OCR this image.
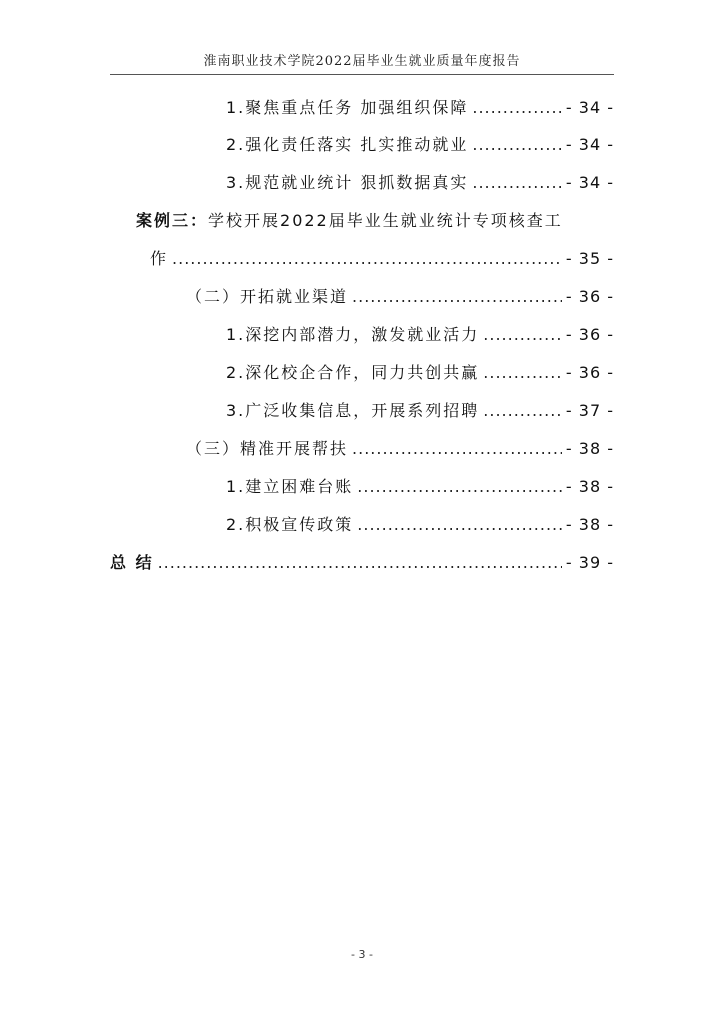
淮南职业技术学院2022届毕业生就业质量年度报告
1.聚焦重点任务 加强组织保障 .....	- 34 -
2.强化责任落实 扎实推动就业 .....	- 34 -
3.规范就业统计 狠抓数据真实 .....	- 34 -
案例三：学校开展2022届毕业生就业统计专项核查工
作 .....	- 35 -
（二）开拓就业渠道 .....	- 36 -
1.深挖内部潜力，激发就业活力 .....	- 36 -
2.深化校企合作，同力共创共赢 .....	- 36 -
3.广泛收集信息，开展系列招聘 .....	- 37 -
（三）精准开展帮扶 .....	- 38 -
1.建立困难台账 .....	- 38 -
2.积极宣传政策 .....	- 38 -
总 结 .....	- 39 -
- 3 -
